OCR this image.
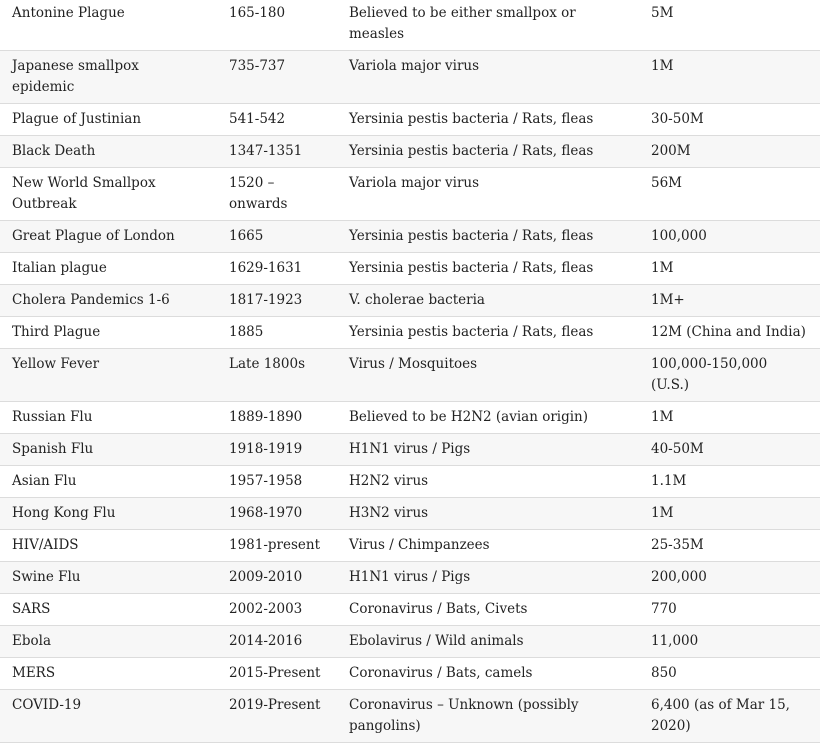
Antonine Plague	165-180	Believed to be either smallpox or measles	5M
Japanese smallpox epidemic	735-737	Variola major virus	1M
Plague of Justinian	541-542	Yersinia pestis bacteria / Rats, fleas	30-50M
Black Death	1347-1351	Yersinia pestis bacteria / Rats, fleas	200M
New World Smallpox Outbreak	1520 – onwards	Variola major virus	56M
Great Plague of London	1665	Yersinia pestis bacteria / Rats, fleas	100,000
Italian plague	1629-1631	Yersinia pestis bacteria / Rats, fleas	1M
Cholera Pandemics 1-6	1817-1923	V. cholerae bacteria	1M+
Third Plague	1885	Yersinia pestis bacteria / Rats, fleas	12M (China and India)
Yellow Fever	Late 1800s	Virus / Mosquitoes	100,000-150,000 (U.S.)
Russian Flu	1889-1890	Believed to be H2N2 (avian origin)	1M
Spanish Flu	1918-1919	H1N1 virus / Pigs	40-50M
Asian Flu	1957-1958	H2N2 virus	1.1M
Hong Kong Flu	1968-1970	H3N2 virus	1M
HIV/AIDS	1981-present	Virus / Chimpanzees	25-35M
Swine Flu	2009-2010	H1N1 virus / Pigs	200,000
SARS	2002-2003	Coronavirus / Bats, Civets	770
Ebola	2014-2016	Ebolavirus / Wild animals	11,000
MERS	2015-Present	Coronavirus / Bats, camels	850
COVID-19	2019-Present	Coronavirus – Unknown (possibly pangolins)	6,400 (as of Mar 15, 2020)
